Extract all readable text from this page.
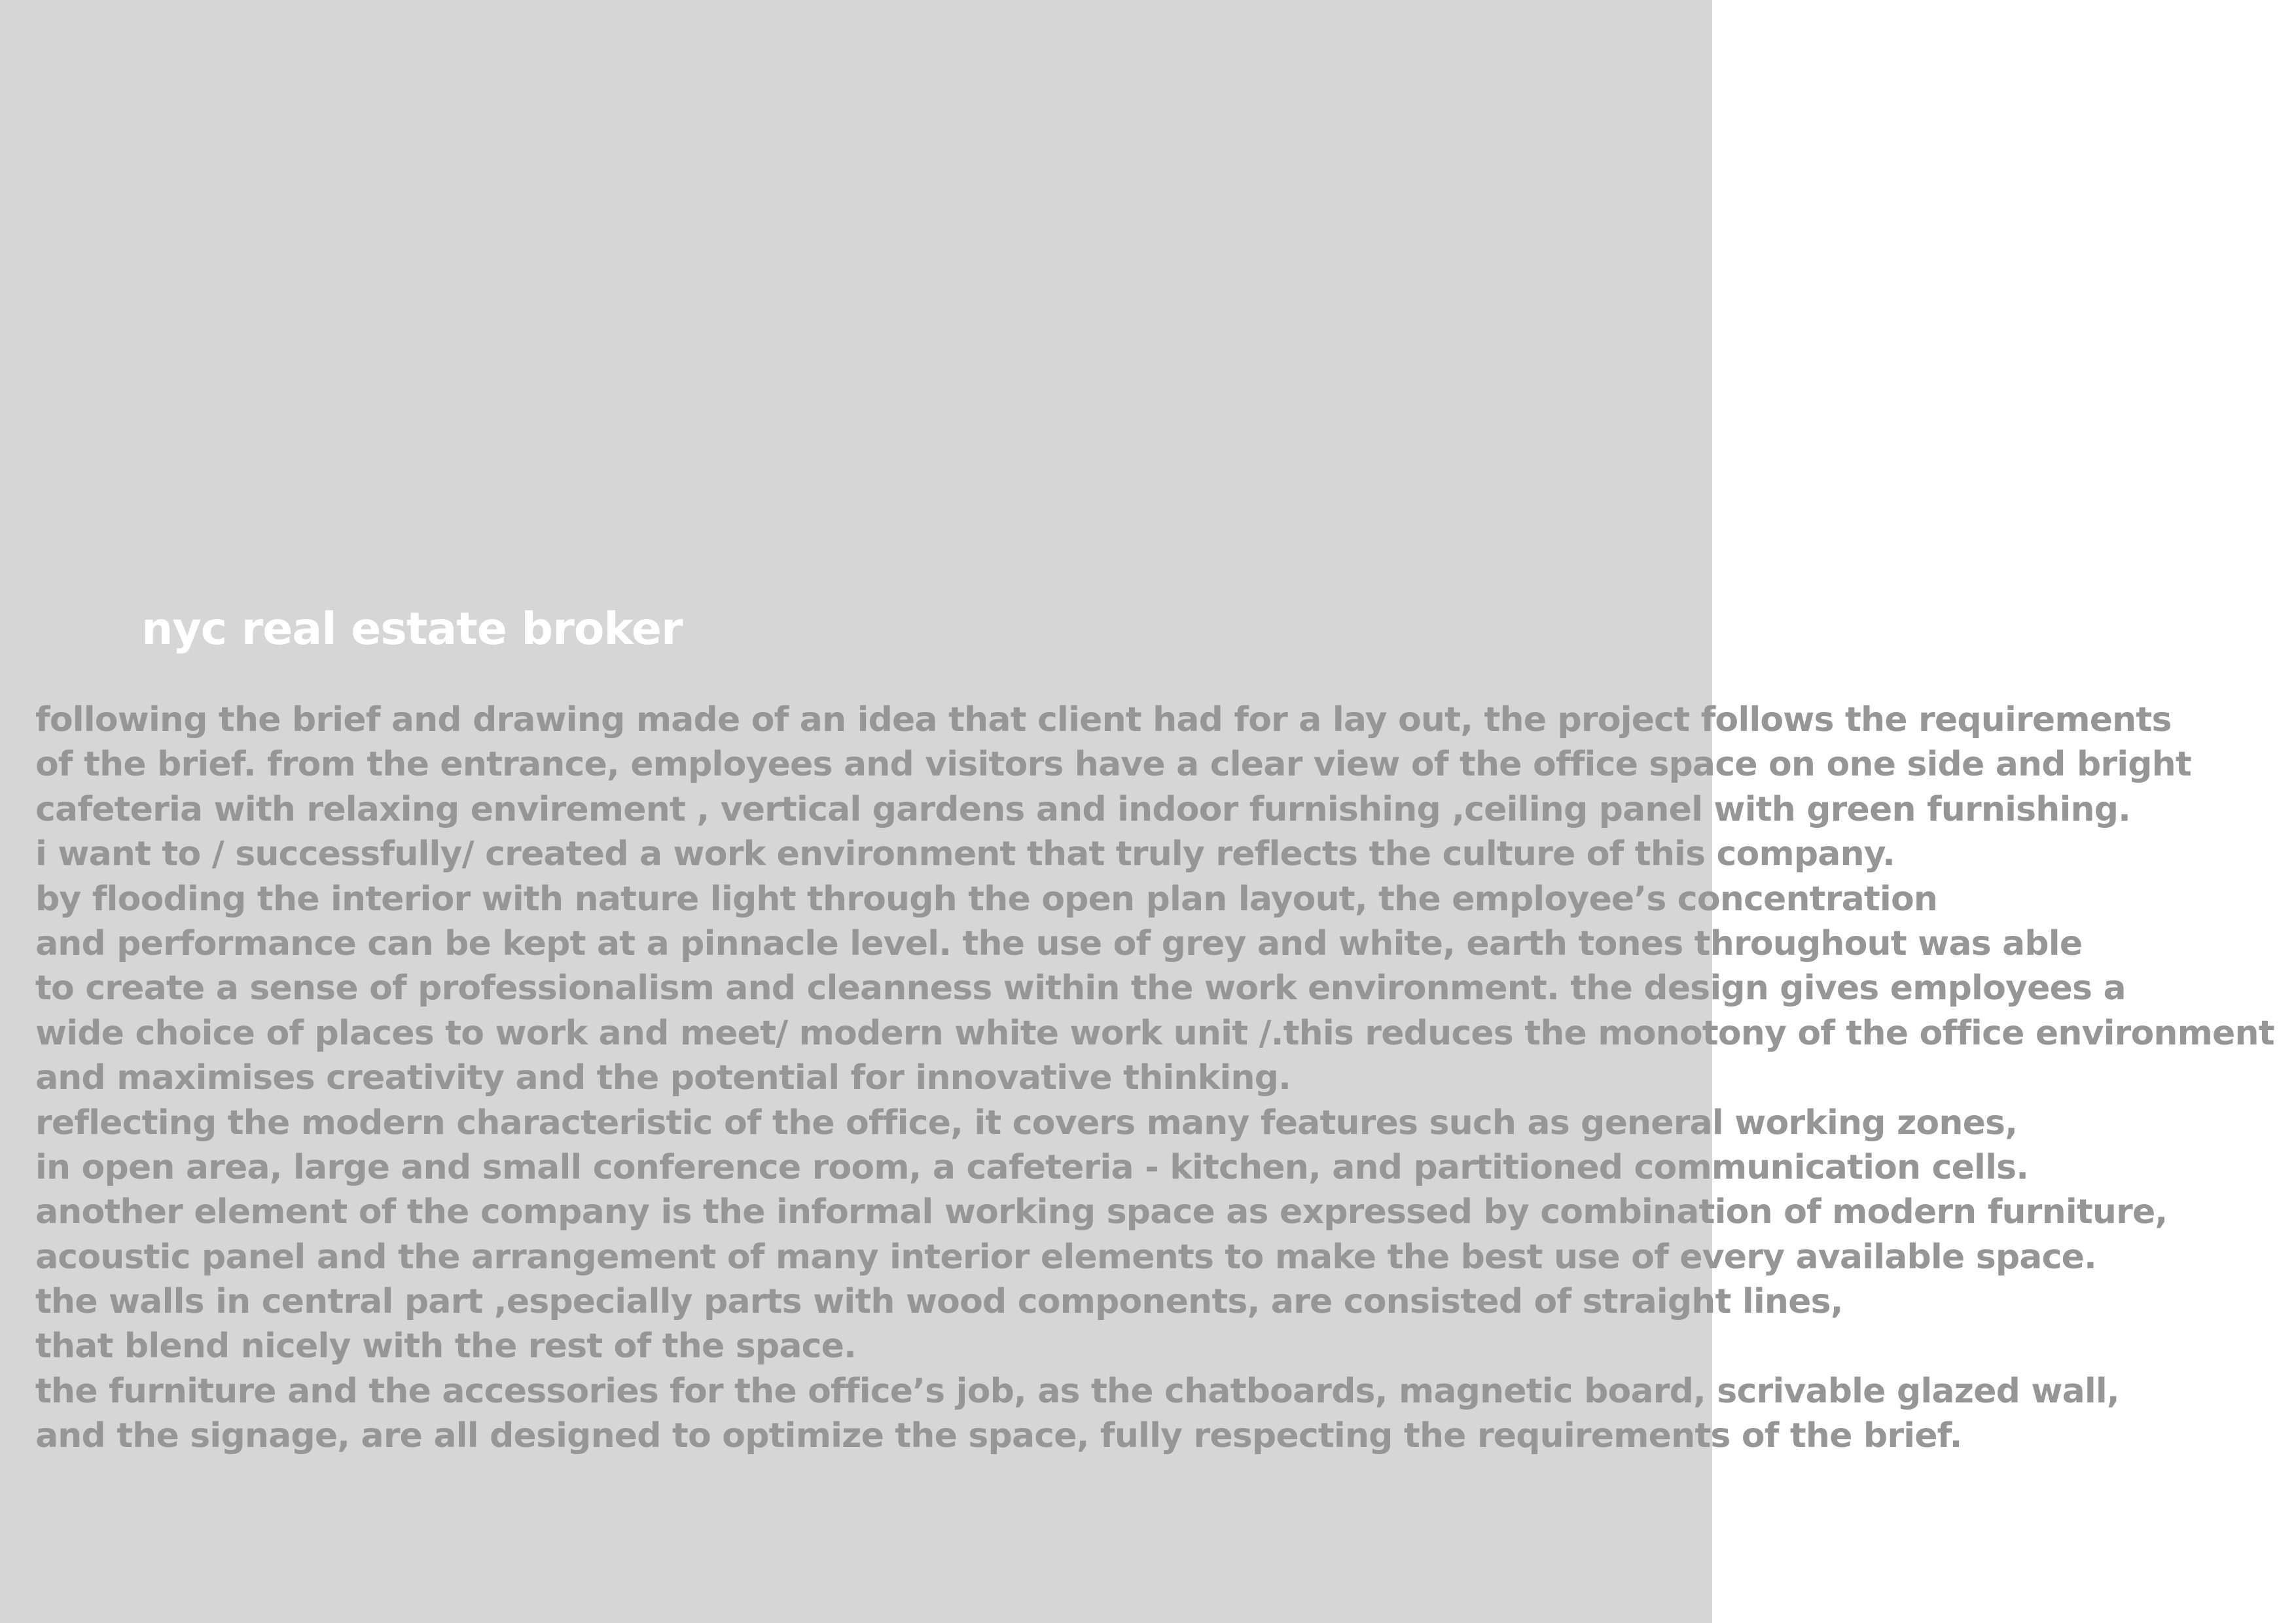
nyc real estate broker
following the brief and drawing made of an idea that client had for a lay out, the project follows the requirements
of the brief. from the entrance, employees and visitors have a clear view of the office space on one side and bright
cafeteria with relaxing envirement , vertical gardens and indoor furnishing ,ceiling panel with green furnishing.
i want to / successfully/ created a work environment that truly reflects the culture of this company.
by flooding the interior with nature light through the open plan layout, the employee’s concentration
and performance can be kept at a pinnacle level. the use of grey and white, earth tones throughout was able
to create a sense of professionalism and cleanness within the work environment. the design gives employees a
wide choice of places to work and meet/ modern white work unit /.this reduces the monotony of the office environment
and maximises creativity and the potential for innovative thinking.
reflecting the modern characteristic of the office, it covers many features such as general working zones,
in open area, large and small conference room, a cafeteria - kitchen, and partitioned communication cells.
another element of the company is the informal working space as expressed by combination of modern furniture,
acoustic panel and the arrangement of many interior elements to make the best use of every available space.
the walls in central part ,especially parts with wood components, are consisted of straight lines,
that blend nicely with the rest of the space.
the furniture and the accessories for the office’s job, as the chatboards, magnetic board, scrivable glazed wall,
and the signage, are all designed to optimize the space, fully respecting the requirements of the brief.
